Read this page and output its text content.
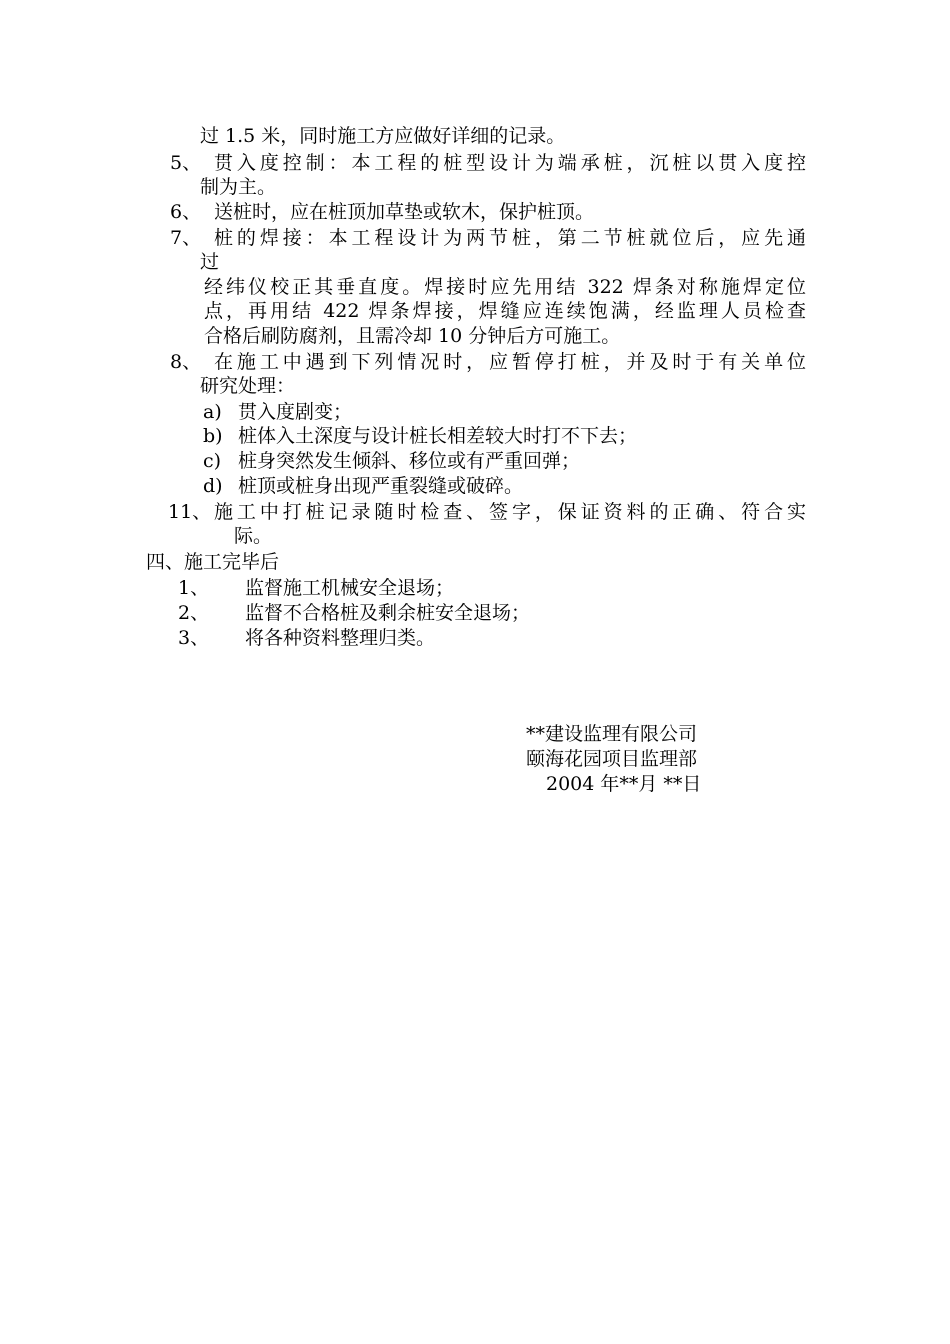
过 1.5 米，同时施工方应做好详细的记录。
5、 贯入度控制：本工程的桩型设计为端承桩，沉桩以贯入度控
制为主。
6、 送桩时，应在桩顶加草垫或软木，保护桩顶。
7、 桩的焊接：本工程设计为两节桩，第二节桩就位后，应先通
过
经纬仪校正其垂直度。焊接时应先用结 322 焊条对称施焊定位
点，再用结 422 焊条焊接，焊缝应连续饱满，经监理人员检查
合格后刷防腐剂，且需冷却 10 分钟后方可施工。
8、 在施工中遇到下列情况时，应暂停打桩，并及时于有关单位
研究处理：
a) 贯入度剧变；
b) 桩体入土深度与设计桩长相差较大时打不下去；
c) 桩身突然发生倾斜、移位或有严重回弹；
d) 桩顶或桩身出现严重裂缝或破碎。
11、 施工中打桩记录随时检查、签字，保证资料的正确、符合实
际。
四、施工完毕后
1、 监督施工机械安全退场；
2、 监督不合格桩及剩余桩安全退场；
3、 将各种资料整理归类。
**建设监理有限公司
颐海花园项目监理部
2004 年**月 **日
